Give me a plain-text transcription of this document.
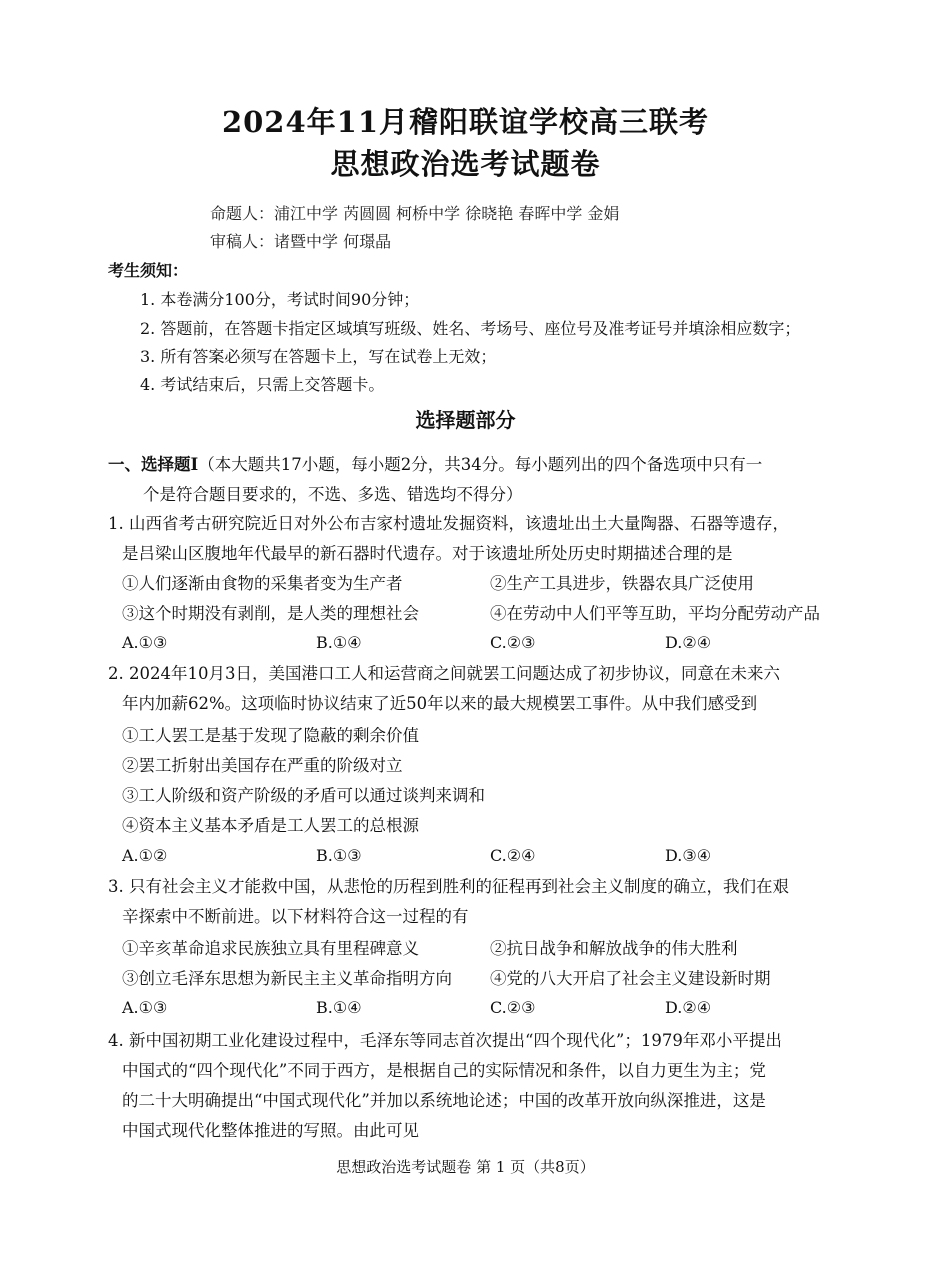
2024年11月稽阳联谊学校高三联考
思想政治选考试题卷
命题人：浦江中学 芮圆圆 柯桥中学 徐晓艳 春晖中学 金娟
审稿人：诸暨中学 何璟晶
考生须知：
1. 本卷满分100分，考试时间90分钟；
2. 答题前，在答题卡指定区域填写班级、姓名、考场号、座位号及准考证号并填涂相应数字；
3. 所有答案必须写在答题卡上，写在试卷上无效；
4. 考试结束后，只需上交答题卡。
选择题部分
一、选择题Ⅰ（本大题共17小题，每小题2分，共34分。每小题列出的四个备选项中只有一
个是符合题目要求的，不选、多选、错选均不得分）
1. 山西省考古研究院近日对外公布吉家村遗址发掘资料，该遗址出土大量陶器、石器等遗存，
是吕梁山区腹地年代最早的新石器时代遗存。对于该遗址所处历史时期描述合理的是
①人们逐渐由食物的采集者变为生产者	②生产工具进步，铁器农具广泛使用
③这个时期没有剥削，是人类的理想社会	④在劳动中人们平等互助，平均分配劳动产品
A.①③	B.①④	C.②③	D.②④
2. 2024年10月3日，美国港口工人和运营商之间就罢工问题达成了初步协议，同意在未来六
年内加薪62%。这项临时协议结束了近50年以来的最大规模罢工事件。从中我们感受到
①工人罢工是基于发现了隐蔽的剩余价值
②罢工折射出美国存在严重的阶级对立
③工人阶级和资产阶级的矛盾可以通过谈判来调和
④资本主义基本矛盾是工人罢工的总根源
A.①②	B.①③	C.②④	D.③④
3. 只有社会主义才能救中国，从悲怆的历程到胜利的征程再到社会主义制度的确立，我们在艰
辛探索中不断前进。以下材料符合这一过程的有
①辛亥革命追求民族独立具有里程碑意义	②抗日战争和解放战争的伟大胜利
③创立毛泽东思想为新民主主义革命指明方向 ④党的八大开启了社会主义建设新时期
A.①③	B.①④	C.②③	D.②④
4. 新中国初期工业化建设过程中，毛泽东等同志首次提出“四个现代化”；1979年邓小平提出
中国式的“四个现代化”不同于西方，是根据自己的实际情况和条件，以自力更生为主；党
的二十大明确提出“中国式现代化”并加以系统地论述；中国的改革开放向纵深推进，这是
中国式现代化整体推进的写照。由此可见
思想政治选考试题卷 第 1 页（共8页）
